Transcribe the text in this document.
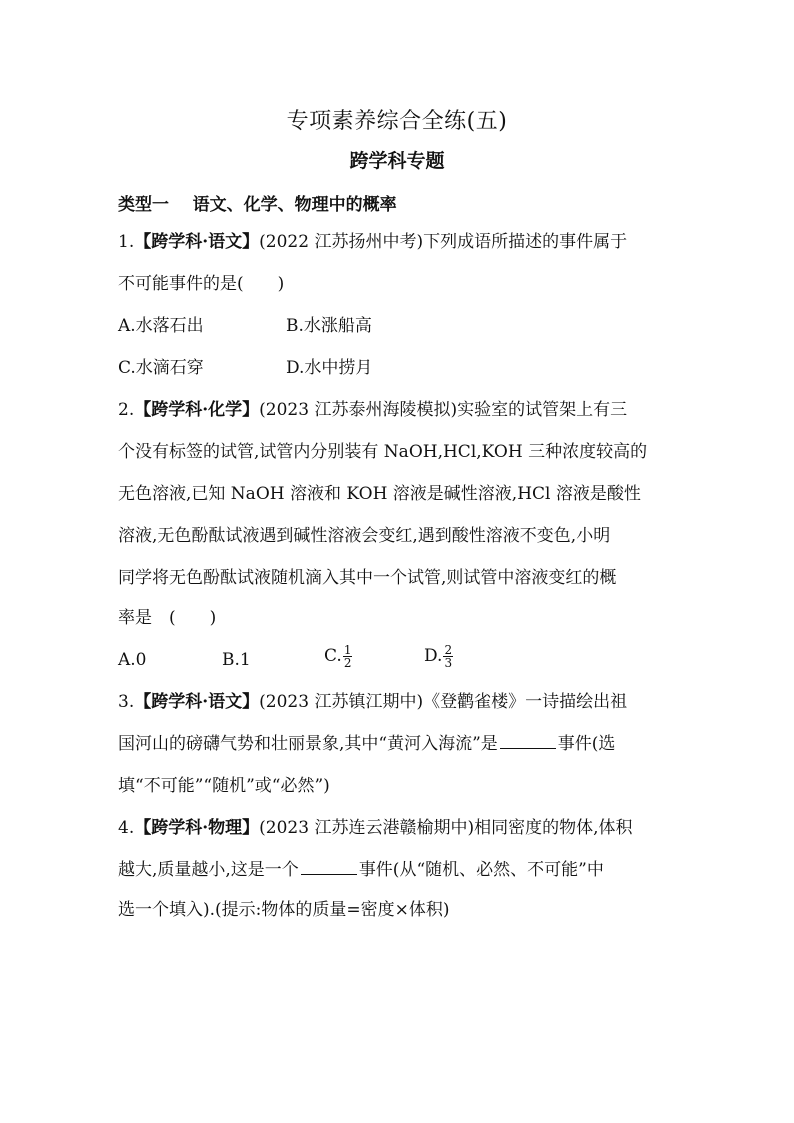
专项素养综合全练(五)
跨学科专题
类型一    语文、化学、物理中的概率
1.【跨学科·语文】(2022 江苏扬州中考)下列成语所描述的事件属于
不可能事件的是(　　)
A.水落石出	B.水涨船高
C.水滴石穿	D.水中捞月
2.【跨学科·化学】(2023 江苏泰州海陵模拟)实验室的试管架上有三
个没有标签的试管,试管内分别装有 NaOH,HCl,KOH 三种浓度较高的
无色溶液,已知 NaOH 溶液和 KOH 溶液是碱性溶液,HCl 溶液是酸性
溶液,无色酚酞试液遇到碱性溶液会变红,遇到酸性溶液不变色,小明
同学将无色酚酞试液随机滴入其中一个试管,则试管中溶液变红的概
率是　(　　)
A.0	B.1	C. $\frac{1}{2}$	D. $\frac{2}{3}$
3.【跨学科·语文】(2023 江苏镇江期中)《登鹳雀楼》一诗描绘出祖
国河山的磅礴气势和壮丽景象,其中“黄河入海流”是	事件(选
填“不可能”“随机”或“必然”)
4.【跨学科·物理】(2023 江苏连云港赣榆期中)相同密度的物体,体积
越大,质量越小,这是一个	事件(从“随机、必然、不可能”中
选一个填入).(提示:物体的质量=密度×体积)
